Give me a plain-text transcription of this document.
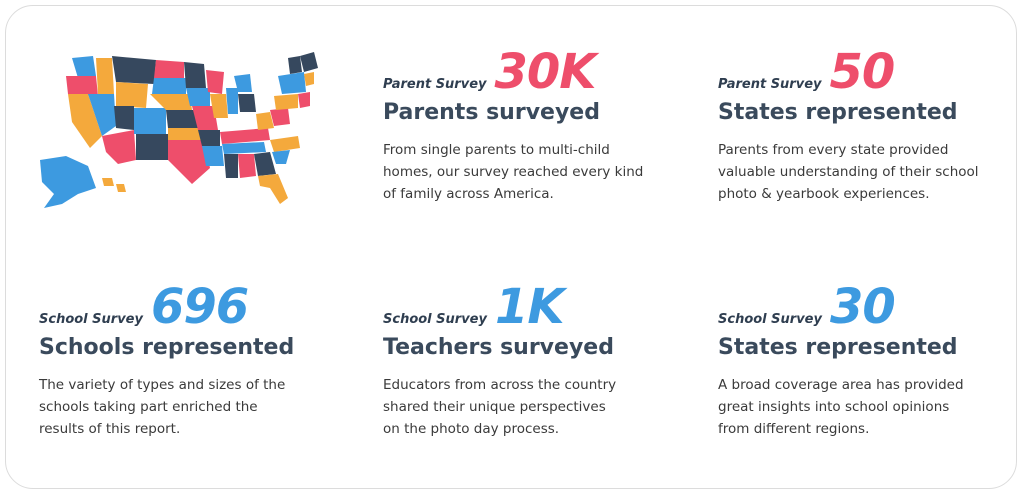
Parent Survey 30K
Parents surveyed
From single parents to multi-child
homes, our survey reached every kind
of family across America.
Parent Survey 50
States represented
Parents from every state provided
valuable understanding of their school
photo & yearbook experiences.
School Survey 696
Schools represented
The variety of types and sizes of the
schools taking part enriched the
results of this report.
School Survey 1K
Teachers surveyed
Educators from across the country
shared their unique perspectives
on the photo day process.
School Survey 30
States represented
A broad coverage area has provided
great insights into school opinions
from different regions.
